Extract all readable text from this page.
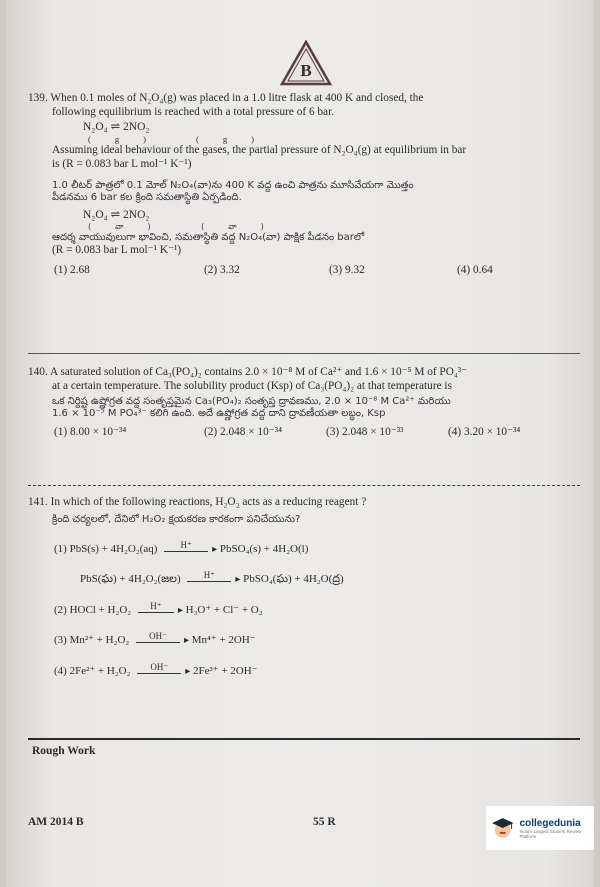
B

139. When 0.1 moles of N₂O₄(g) was placed in a 1.0 litre flask at 400 K and closed, the

following equilibrium is reached with a total pressure of 6 bar.

N₂O₄ ⇌ 2NO₂

(g) (g)

Assuming ideal behaviour of the gases, the partial pressure of N₂O₄(g) at equilibrium in bar

is (R = 0.083 bar L mol⁻¹ K⁻¹)

1.0 లీటర్ పాత్రలో 0.1 మోల్ N₂O₄(వా)ను 400 K వద్ద ఉంచి పాత్రను మూసివేయగా మొత్తం

పీడనము 6 bar కల క్రింది సమతాస్థితి ఏర్పడింది.

N₂O₄ ⇌ 2NO₂

(వా) (వా)

ఆదర్శ వాయువులుగా భావించి, సమతాస్థితి వద్ద N₂O₄(వా) పాక్షిక పీడనం barలో

(R = 0.083 bar L mol⁻¹ K⁻¹)

(1) 2.68	(2) 3.32	(3) 9.32	(4) 0.64

140. A saturated solution of Ca₃(PO₄)₂ contains 2.0 × 10⁻⁸ M of Ca²⁺ and 1.6 × 10⁻⁵ M of PO₄³⁻

at a certain temperature. The solubility product (Ksp) of Ca₃(PO₄)₂ at that temperature is

ఒక నిర్దిష్ట ఉష్ణోగ్రత వద్ద సంతృప్తమైన Ca₃(PO₄)₂ సంతృప్త ద్రావణము, 2.0 × 10⁻⁸ M Ca²⁺ మరియు

1.6 × 10⁻⁵ M PO₄³⁻ కలిగి ఉంది. అదే ఉష్ణోగ్రత వద్ద దాని ద్రావణీయతా లబ్ధం, Ksp

(1) 8.00 × 10⁻³⁴	(2) 2.048 × 10⁻³⁴	(3) 2.048 × 10⁻³³	(4) 3.20 × 10⁻³⁴

141. In which of the following reactions, H₂O₂ acts as a reducing reagent ?

క్రింది చర్యలలో, దేనిలో H₂O₂ క్షయకరణ కారకంగా పనిచేయును?

(1) PbS(s) + 4H₂O₂(aq)	H⁺ ▸ PbSO₄(s) + 4H₂O(l)
PbS(ఘ) + 4H₂O₂(జల)	H⁺ ▸ PbSO₄(ఘ) + 4H₂O(ద్ర)
(2) HOCl + H₂O₂ H⁺ ▸ H₃O⁺ + Cl⁻ + O₂
(3) Mn²⁺ + H₂O₂ OH⁻ ▸ Mn⁴⁺ + 2OH⁻
(4) 2Fe²⁺ + H₂O₂ OH⁻ ▸ 2Fe³⁺ + 2OH⁻
Rough Work
AM 2014 B	55 R	collegedunia
India's Largest Student Review Platform
